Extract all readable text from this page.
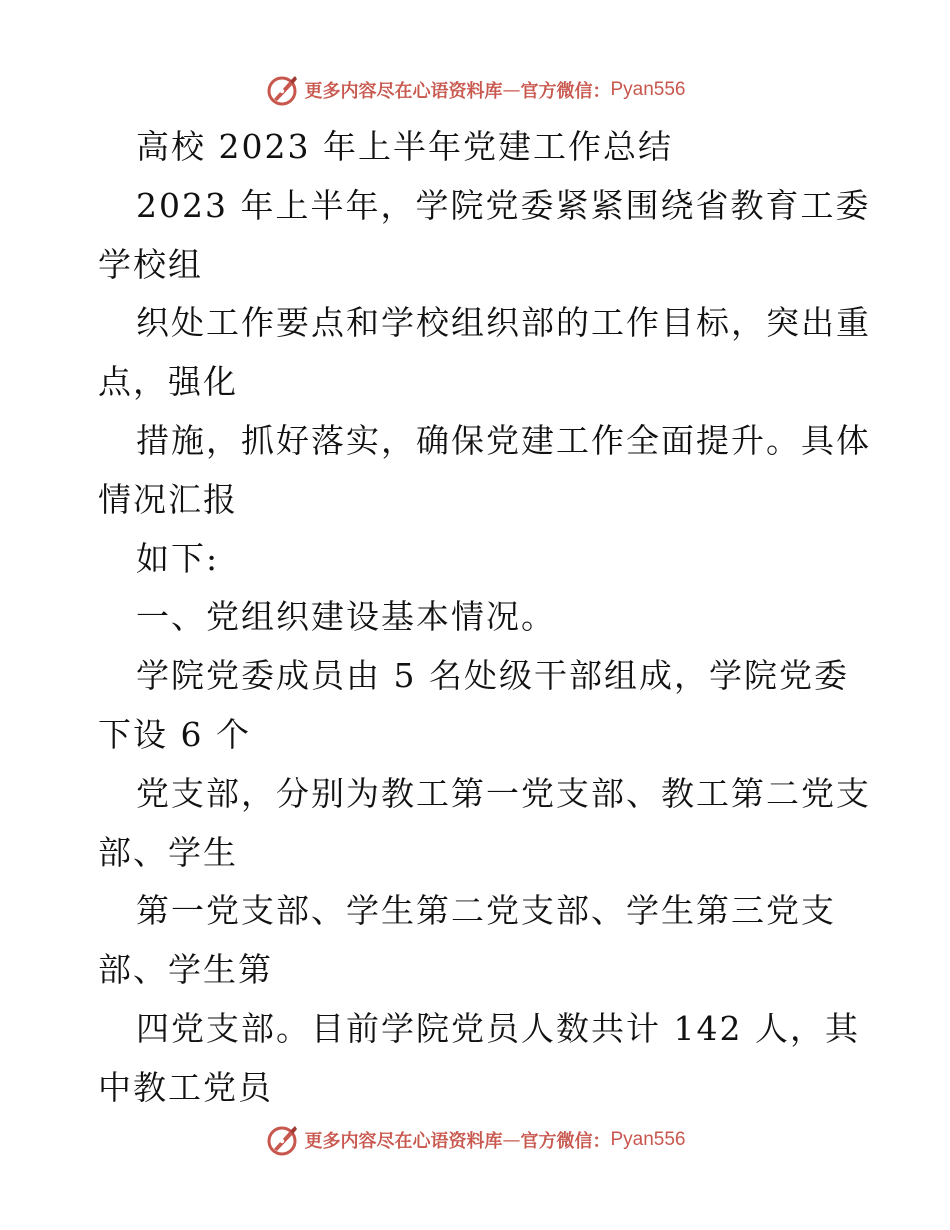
更多内容尽在心语资料库 — 官方微信： Pyan556
高校 2023 年上半年党建工作总结
2023 年上半年，学院党委紧紧围绕省教育工委
学校组
织处工作要点和学校组织部的工作目标，突出重
点，强化
措施，抓好落实，确保党建工作全面提升。具体
情况汇报
如下:
一、党组织建设基本情况。
学院党委成员由 5 名处级干部组成，学院党委
下设 6 个
党支部，分别为教工第一党支部、教工第二党支
部、学生
第一党支部、学生第二党支部、学生第三党支
部、学生第
四党支部。目前学院党员人数共计 142 人，其
中教工党员
更多内容尽在心语资料库 — 官方微信： Pyan556
